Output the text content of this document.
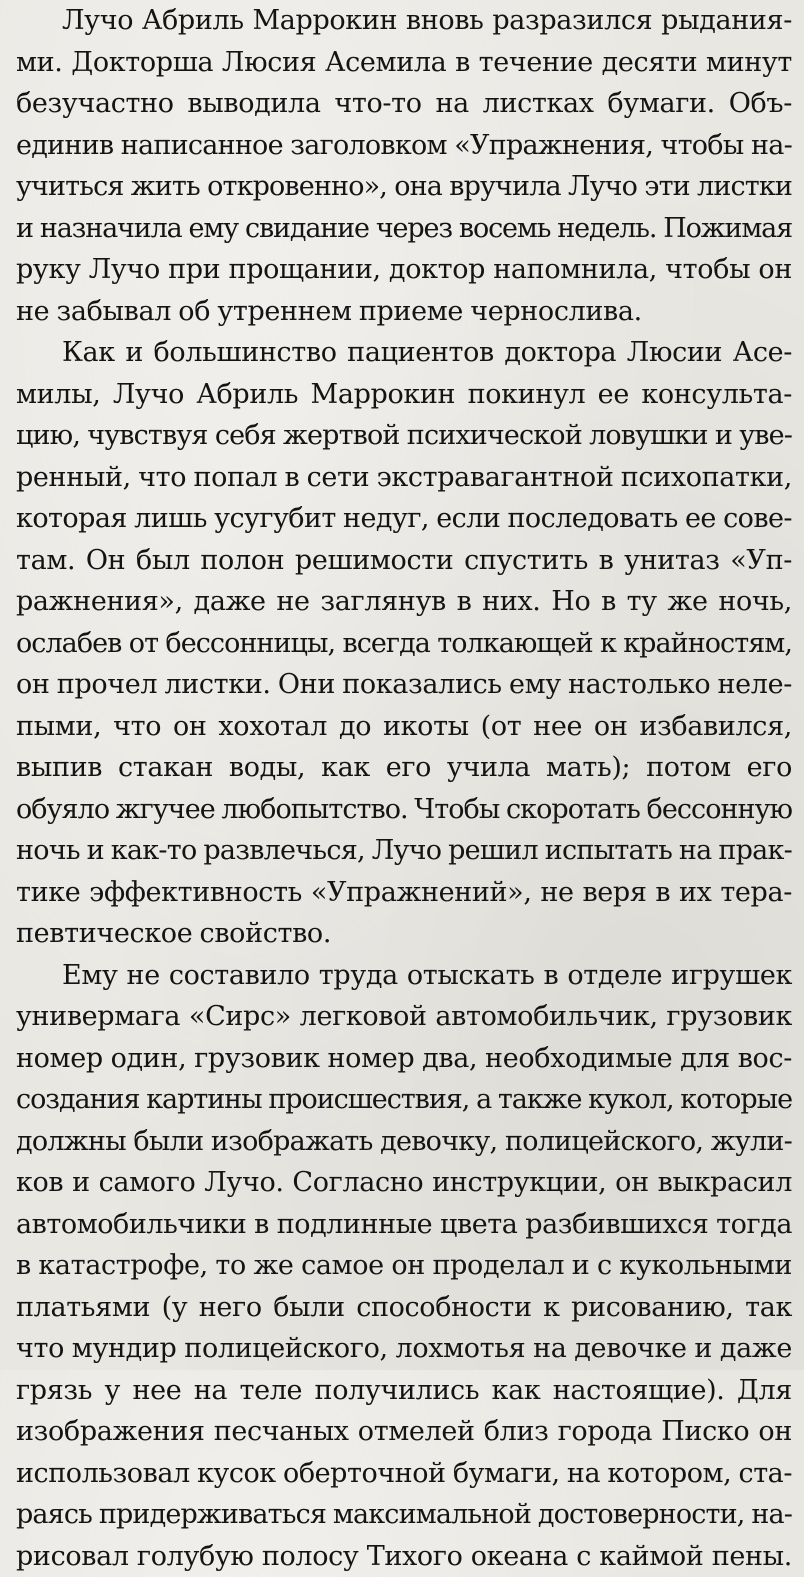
Лучо Абриль Маррокин вновь разразился рыдания-
ми. Докторша Люсия Асемила в течение десяти минут
безучастно выводила что-то на листках бумаги. Объ-
единив написанное заголовком «Упражнения, чтобы на-
учиться жить откровенно», она вручила Лучо эти листки
и назначила ему свидание через восемь недель. Пожимая
руку Лучо при прощании, доктор напомнила, чтобы он
не забывал об утреннем приеме чернослива.
Как и большинство пациентов доктора Люсии Асе-
милы, Лучо Абриль Маррокин покинул ее консульта-
цию, чувствуя себя жертвой психической ловушки и уве-
ренный, что попал в сети экстравагантной психопатки,
которая лишь усугубит недуг, если последовать ее сове-
там. Он был полон решимости спустить в унитаз «Уп-
ражнения», даже не заглянув в них. Но в ту же ночь,
ослабев от бессонницы, всегда толкающей к крайностям,
он прочел листки. Они показались ему настолько неле-
пыми, что он хохотал до икоты (от нее он избавился,
выпив стакан воды, как его учила мать); потом его
обуяло жгучее любопытство. Чтобы скоротать бессонную
ночь и как-то развлечься, Лучо решил испытать на прак-
тике эффективность «Упражнений», не веря в их тера-
певтическое свойство.
Ему не составило труда отыскать в отделе игрушек
универмага «Сирс» легковой автомобильчик, грузовик
номер один, грузовик номер два, необходимые для вос-
создания картины происшествия, а также кукол, которые
должны были изображать девочку, полицейского, жули-
ков и самого Лучо. Согласно инструкции, он выкрасил
автомобильчики в подлинные цвета разбившихся тогда
в катастрофе, то же самое он проделал и с кукольными
платьями (у него были способности к рисованию, так
что мундир полицейского, лохмотья на девочке и даже
грязь у нее на теле получились как настоящие). Для
изображения песчаных отмелей близ города Писко он
использовал кусок оберточной бумаги, на котором, ста-
раясь придерживаться максимальной достоверности, на-
рисовал голубую полосу Тихого океана с каймой пены.
